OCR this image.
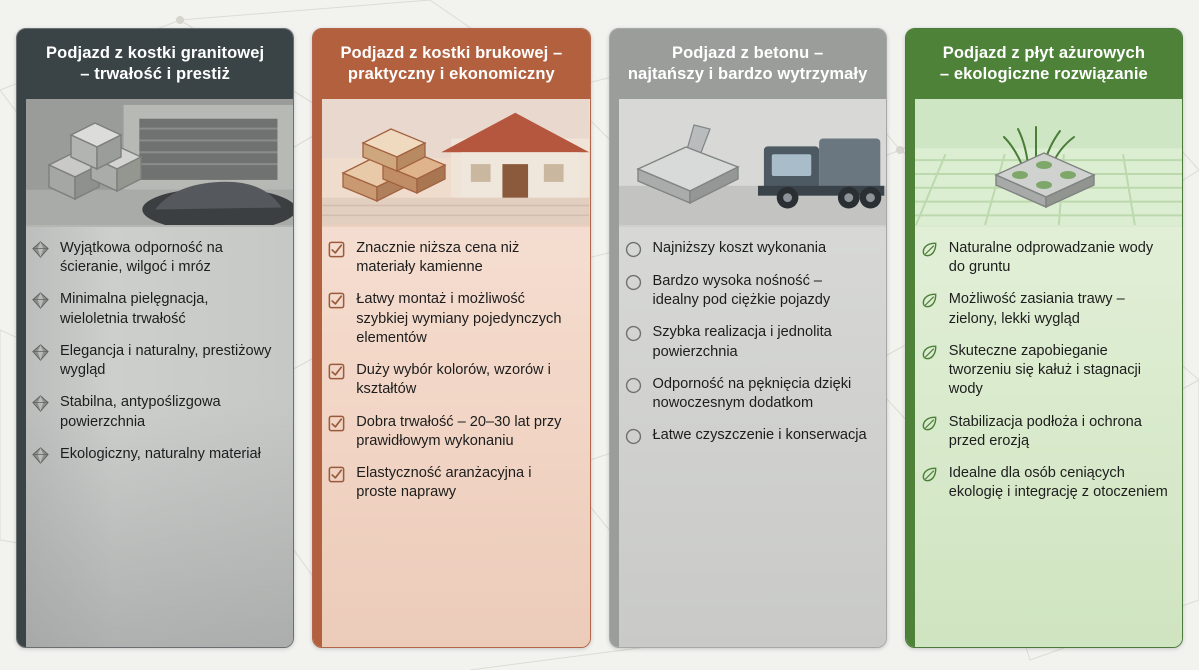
Podjazd z kostki granitowej
– trwałość i prestiż
Wyjątkowa odporność na ścieranie, wilgoć i mróz
Minimalna pielęgnacja, wieloletnia trwałość
Elegancja i naturalny, prestiżowy wygląd
Stabilna, antypoślizgowa powierzchnia
Ekologiczny, naturalny materiał
Podjazd z kostki brukowej –
praktyczny i ekonomiczny
Znacznie niższa cena niż materiały kamienne
Łatwy montaż i możliwość szybkiej wymiany pojedynczych elementów
Duży wybór kolorów, wzorów i kształtów
Dobra trwałość – 20–30 lat przy prawidłowym wykonaniu
Elastyczność aranżacyjna i proste naprawy
Podjazd z betonu –
najtańszy i bardzo wytrzymały
Najniższy koszt wykonania
Bardzo wysoka nośność – idealny pod ciężkie pojazdy
Szybka realizacja i jednolita powierzchnia
Odporność na pęknięcia dzięki nowoczesnym dodatkom
Łatwe czyszczenie i konserwacja
Podjazd z płyt ażurowych
– ekologiczne rozwiązanie
Naturalne odprowadzanie wody do gruntu
Możliwość zasiania trawy – zielony, lekki wygląd
Skuteczne zapobieganie tworzeniu się kałuż i stagnacji wody
Stabilizacja podłoża i ochrona przed erozją
Idealne dla osób ceniących ekologię i integrację z otoczeniem
